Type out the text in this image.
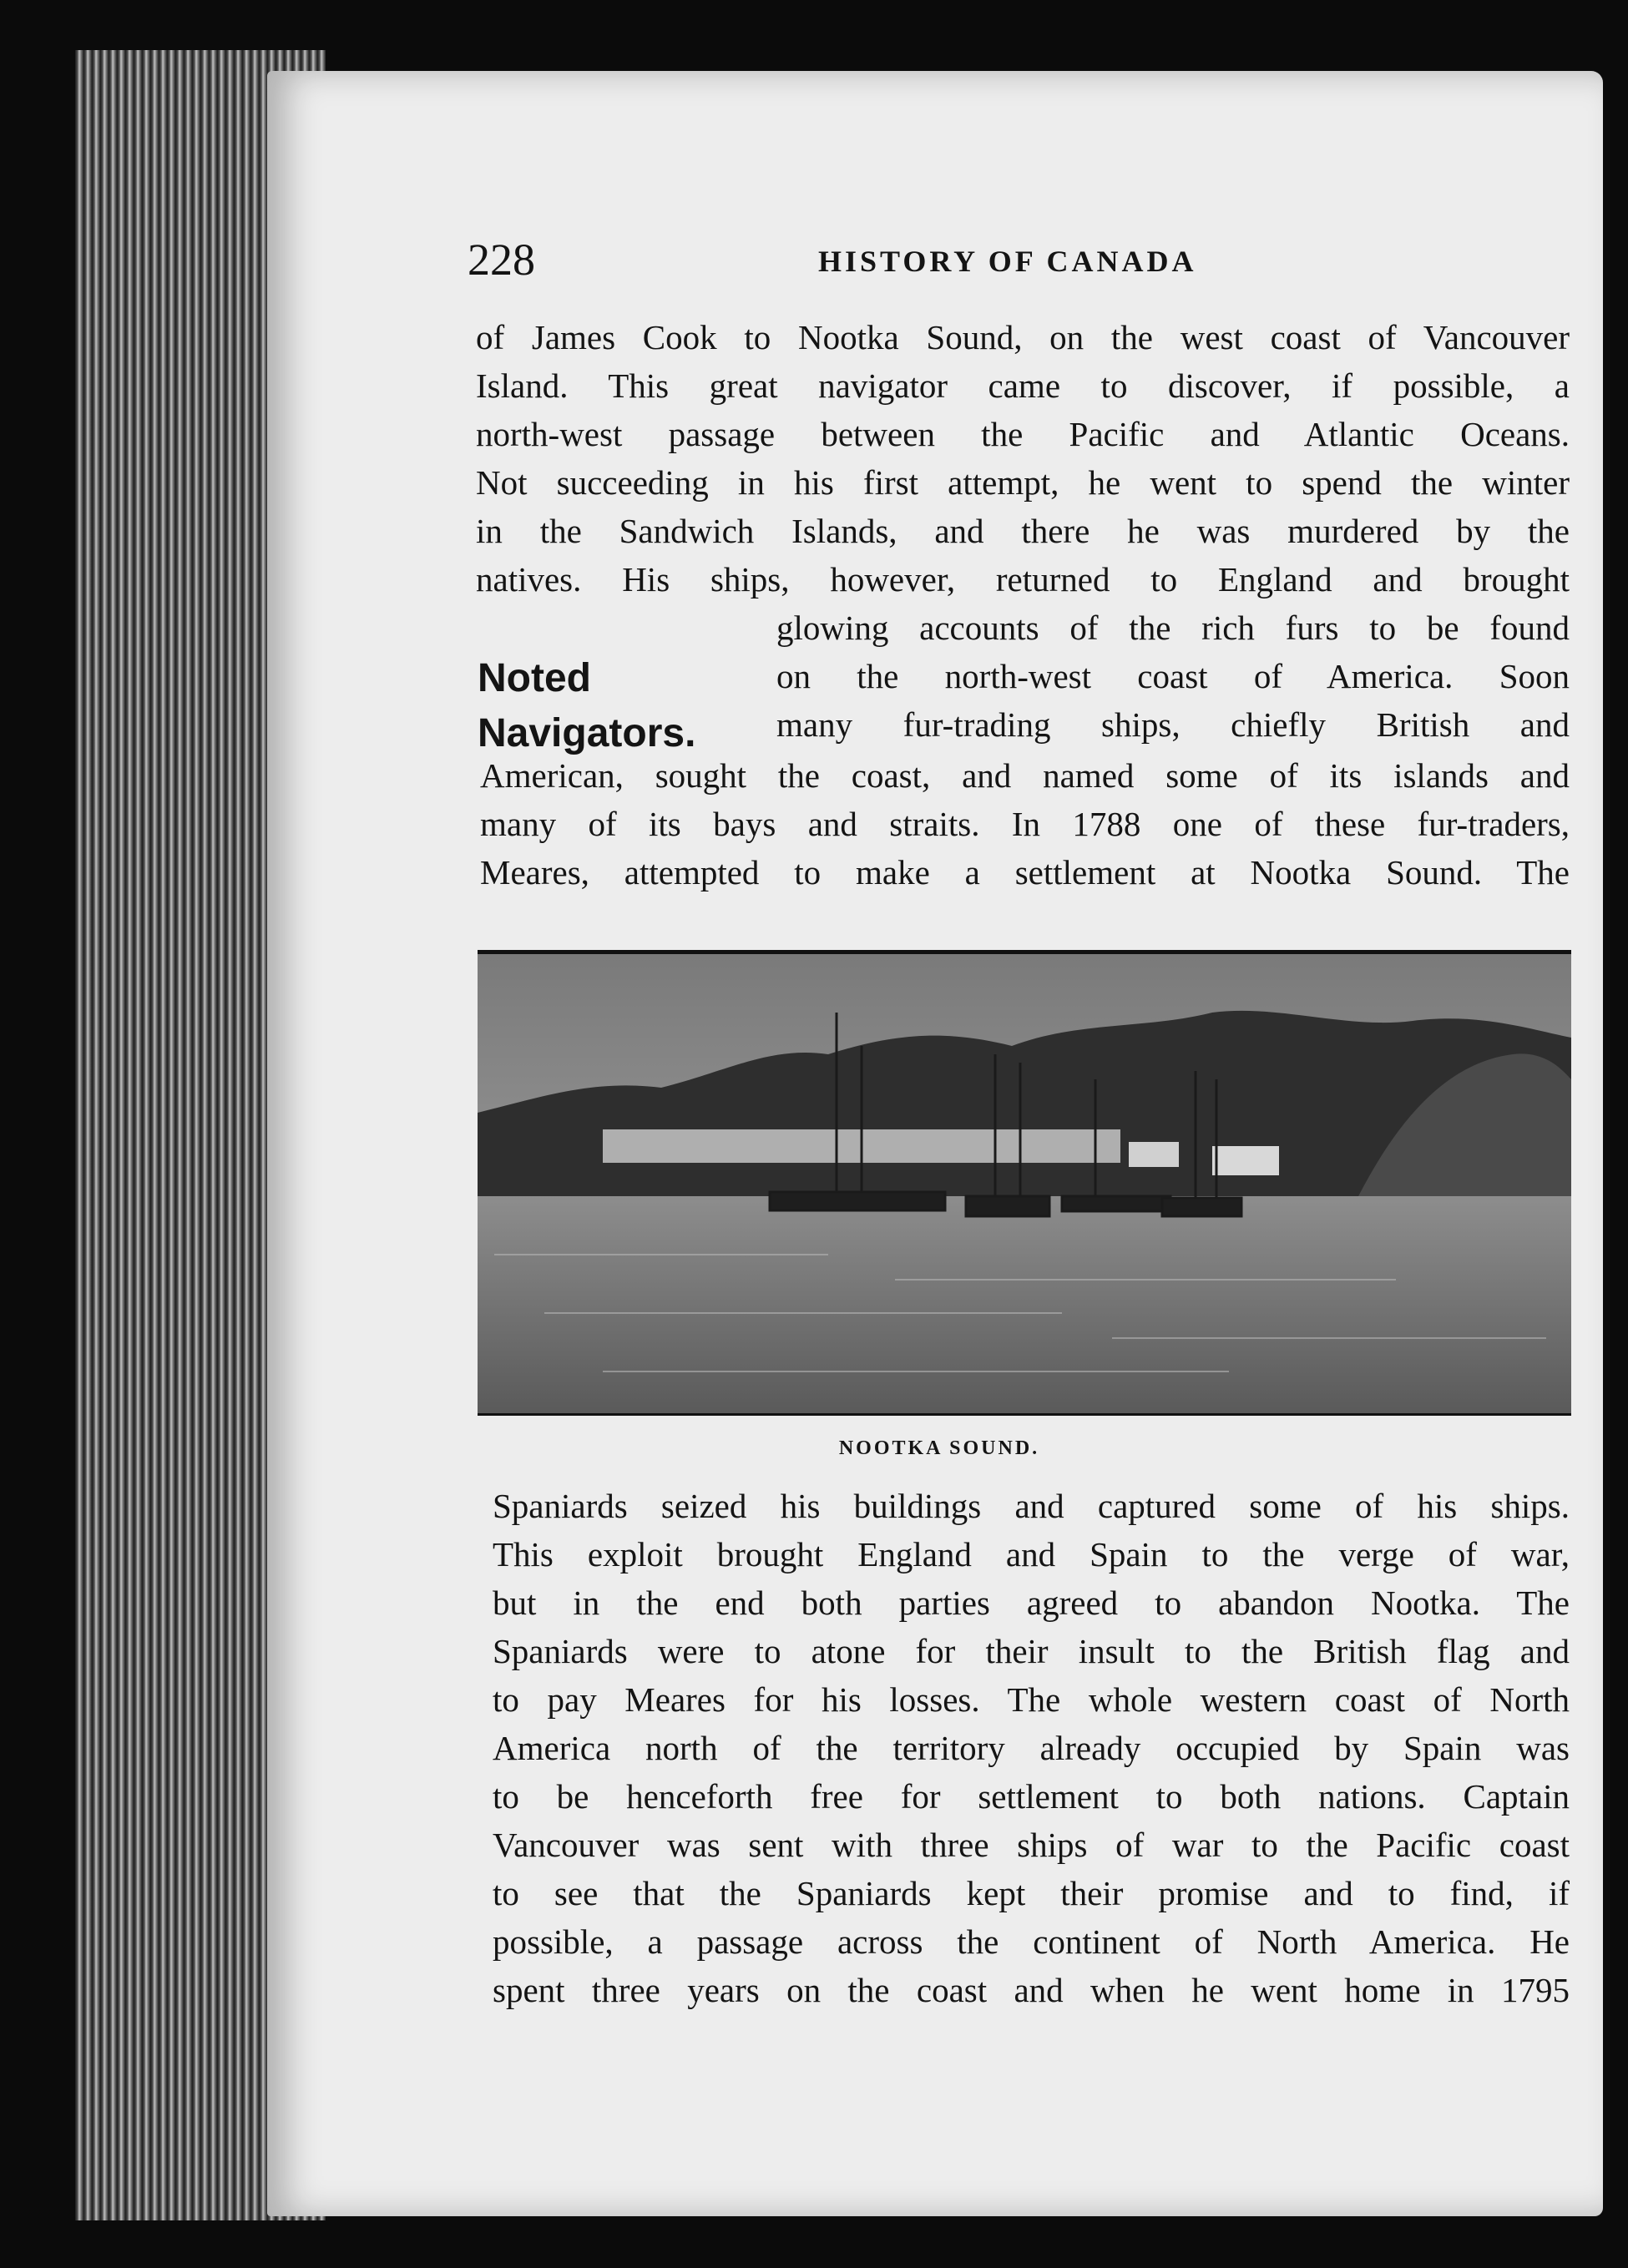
228	HISTORY OF CANADA
of James Cook to Nootka Sound, on the west coast of Vancouver
Island. This great navigator came to discover, if possible, a
north-west passage between the Pacific and Atlantic Oceans.
Not succeeding in his first attempt, he went to spend the winter
in the Sandwich Islands, and there he was murdered by the
natives. His ships, however, returned to England and brought
Noted
Navigators.
glowing accounts of the rich furs to be found
on the north-west coast of America. Soon
many fur-trading ships, chiefly British and
American, sought the coast, and named some of its islands and
many of its bays and straits. In 1788 one of these fur-traders,
Meares, attempted to make a settlement at Nootka Sound. The
NOOTKA SOUND.
Spaniards seized his buildings and captured some of his ships.
This exploit brought England and Spain to the verge of war,
but in the end both parties agreed to abandon Nootka. The
Spaniards were to atone for their insult to the British flag and
to pay Meares for his losses. The whole western coast of North
America north of the territory already occupied by Spain was
to be henceforth free for settlement to both nations. Captain
Vancouver was sent with three ships of war to the Pacific coast
to see that the Spaniards kept their promise and to find, if
possible, a passage across the continent of North America. He
spent three years on the coast and when he went home in 1795
